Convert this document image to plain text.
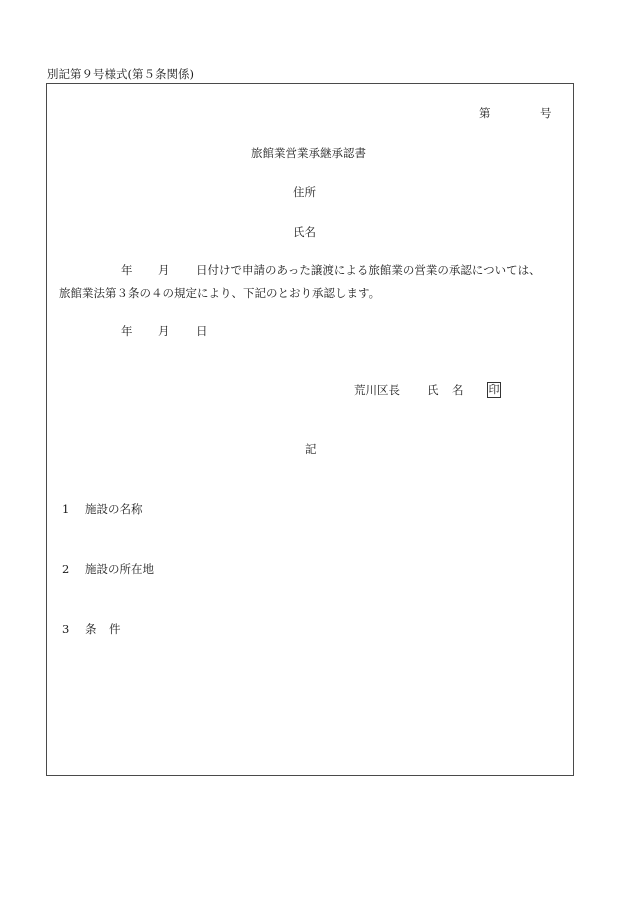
別記第９号様式(第５条関係)
第	号
旅館業営業承継承認書
住所
氏名
年 月 日付けで申請のあった譲渡による旅館業の営業の承認については、
旅館業法第３条の４の規定により、下記のとおり承認します。
年 月 日
荒川区長 氏 名 印
記
1 施設の名称
2 施設の所在地
3 条 件
